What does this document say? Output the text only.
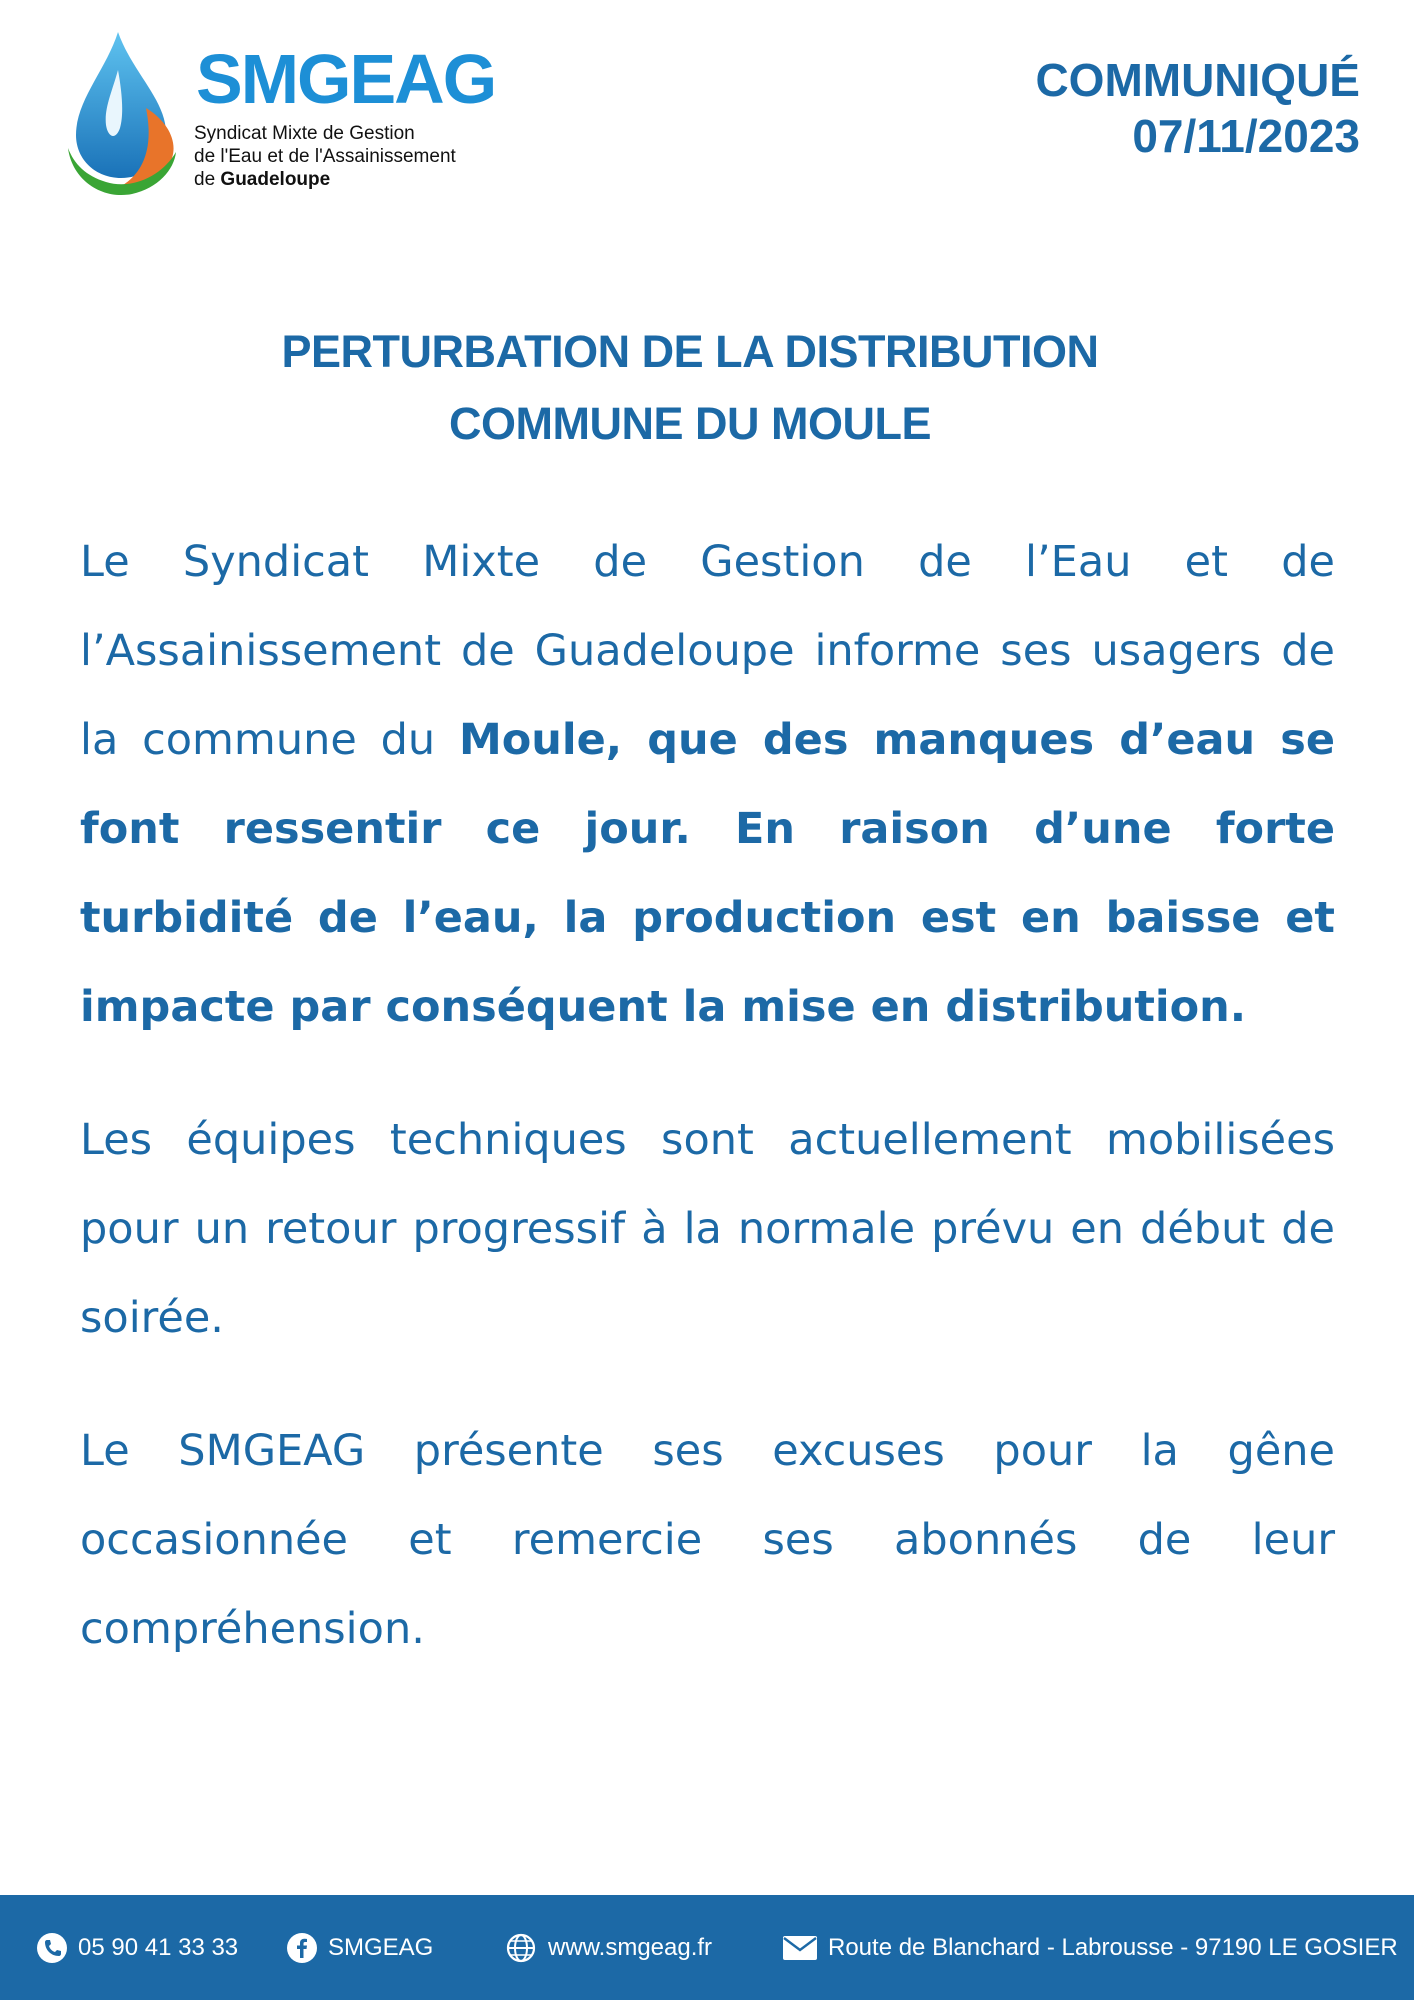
SMGEAG
Syndicat Mixte de Gestion
de l'Eau et de l'Assainissement
de Guadeloupe
COMMUNIQUÉ
07/11/2023
PERTURBATION DE LA DISTRIBUTION
COMMUNE DU MOULE

Le Syndicat Mixte de Gestion de l’Eau et de l’Assainissement de Guadeloupe informe ses usagers de la commune du Moule, que des manques d’eau se font ressentir ce jour. En raison d’une forte turbidité de l’eau, la production est en baisse et impacte par conséquent la mise en distribution.

Les équipes techniques sont actuellement mobilisées pour un retour progressif à la normale prévu en début de soirée.

Le SMGEAG présente ses excuses pour la gêne occasionnée et remercie ses abonnés de leur compréhension.

05 90 41 33 33	SMGEAG	www.smgeag.fr	Route de Blanchard - Labrousse - 97190 LE GOSIER
